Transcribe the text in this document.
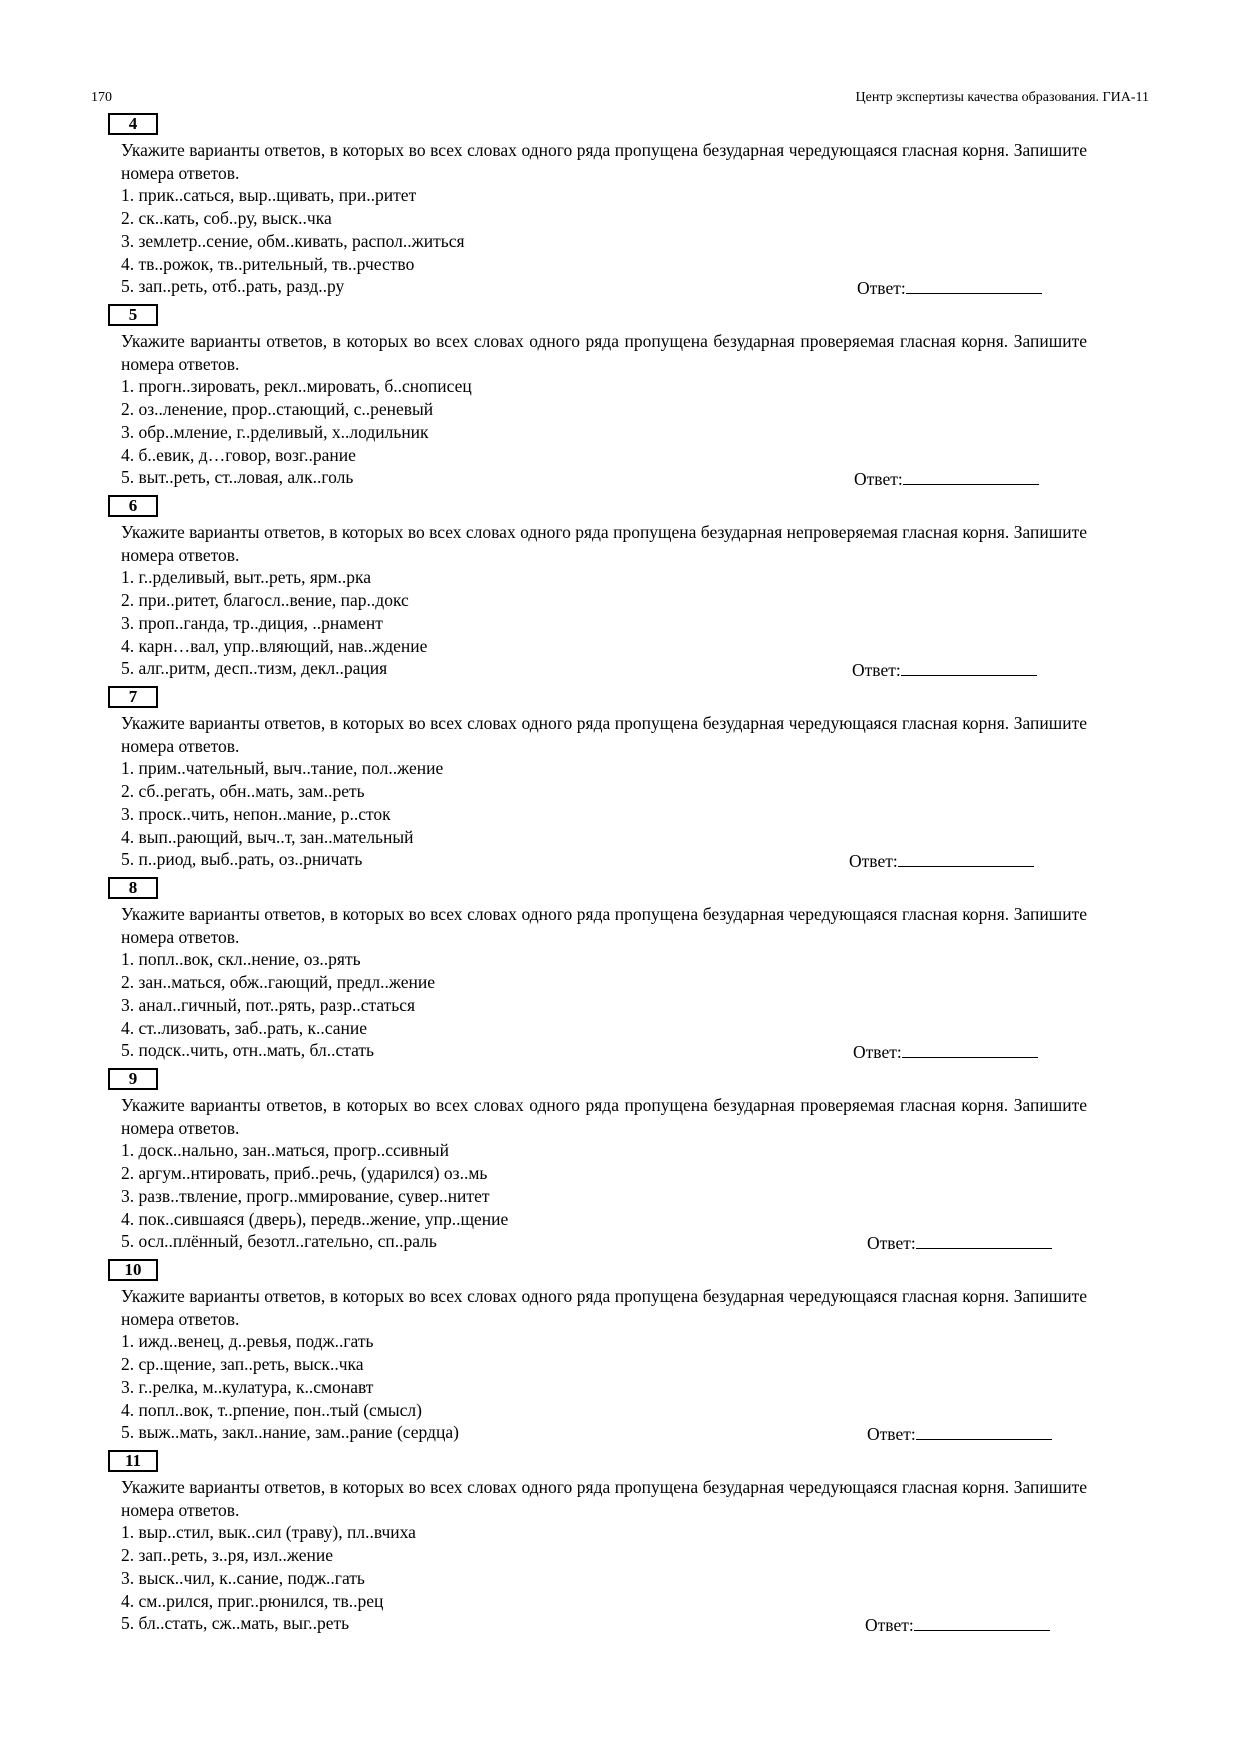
170	Центр экспертизы качества образования. ГИА-11
4

Укажите варианты ответов, в которых во всех словах одного ряда пропущена безударная чередующаяся гласная корня. Запишите номера ответов.

1. прик..саться, выр..щивать, при..ритет
2. ск..кать, соб..ру, выск..чка
3. землетр..сение, обм..кивать, распол..житься
4. тв..рожок, тв..рительный, тв..рчество
5. зап..реть, отб..рать, разд..ру	Ответ:
5

Укажите варианты ответов, в которых во всех словах одного ряда пропущена безударная проверяемая гласная корня. Запишите номера ответов.

1. прогн..зировать, рекл..мировать, б..снописец
2. оз..ленение, прор..стающий, с..реневый
3. обр..мление, г..рделивый, х..лодильник
4. б..евик, д…говор, возг..рание
5. выт..реть, ст..ловая, алк..голь	Ответ:
6

Укажите варианты ответов, в которых во всех словах одного ряда пропущена безударная непроверяемая гласная корня. Запишите номера ответов.

1. г..рделивый, выт..реть, ярм..рка
2. при..ритет, благосл..вение, пар..докс
3. проп..ганда, тр..диция, ..рнамент
4. карн…вал, упр..вляющий, нав..ждение
5. алг..ритм, десп..тизм, декл..рация	Ответ:
7

Укажите варианты ответов, в которых во всех словах одного ряда пропущена безударная чередующаяся гласная корня. Запишите номера ответов.

1. прим..чательный, выч..тание, пол..жение
2. сб..регать, обн..мать, зам..реть
3. проск..чить, непон..мание, р..сток
4. вып..рающий, выч..т, зан..мательный
5. п..риод, выб..рать, оз..рничать	Ответ:
8

Укажите варианты ответов, в которых во всех словах одного ряда пропущена безударная чередующаяся гласная корня. Запишите номера ответов.

1. попл..вок, скл..нение, оз..рять
2. зан..маться, обж..гающий, предл..жение
3. анал..гичный, пот..рять, разр..статься
4. ст..лизовать, заб..рать, к..сание
5. подск..чить, отн..мать, бл..стать	Ответ:
9

Укажите варианты ответов, в которых во всех словах одного ряда пропущена безударная проверяемая гласная корня. Запишите номера ответов.

1. доск..нально, зан..маться, прогр..ссивный
2. аргум..нтировать, приб..речь, (ударился) оз..мь
3. разв..твление, прогр..ммирование, сувер..нитет
4. пок..сившаяся (дверь), передв..жение, упр..щение
5. осл..плённый, безотл..гательно, сп..раль	Ответ:
10

Укажите варианты ответов, в которых во всех словах одного ряда пропущена безударная чередующаяся гласная корня. Запишите номера ответов.

1. ижд..венец, д..ревья, подж..гать
2. ср..щение, зап..реть, выск..чка
3. г..релка, м..кулатура, к..смонавт
4. попл..вок, т..рпение, пон..тый (смысл)
5. выж..мать, закл..нание, зам..рание (сердца)	Ответ:
11

Укажите варианты ответов, в которых во всех словах одного ряда пропущена безударная чередующаяся гласная корня. Запишите номера ответов.

1. выр..стил, вык..сил (траву), пл..вчиха
2. зап..реть, з..ря, изл..жение
3. выск..чил, к..сание, подж..гать
4. см..рился, приг..рюнился, тв..рец
5. бл..стать, сж..мать, выг..реть	Ответ:
